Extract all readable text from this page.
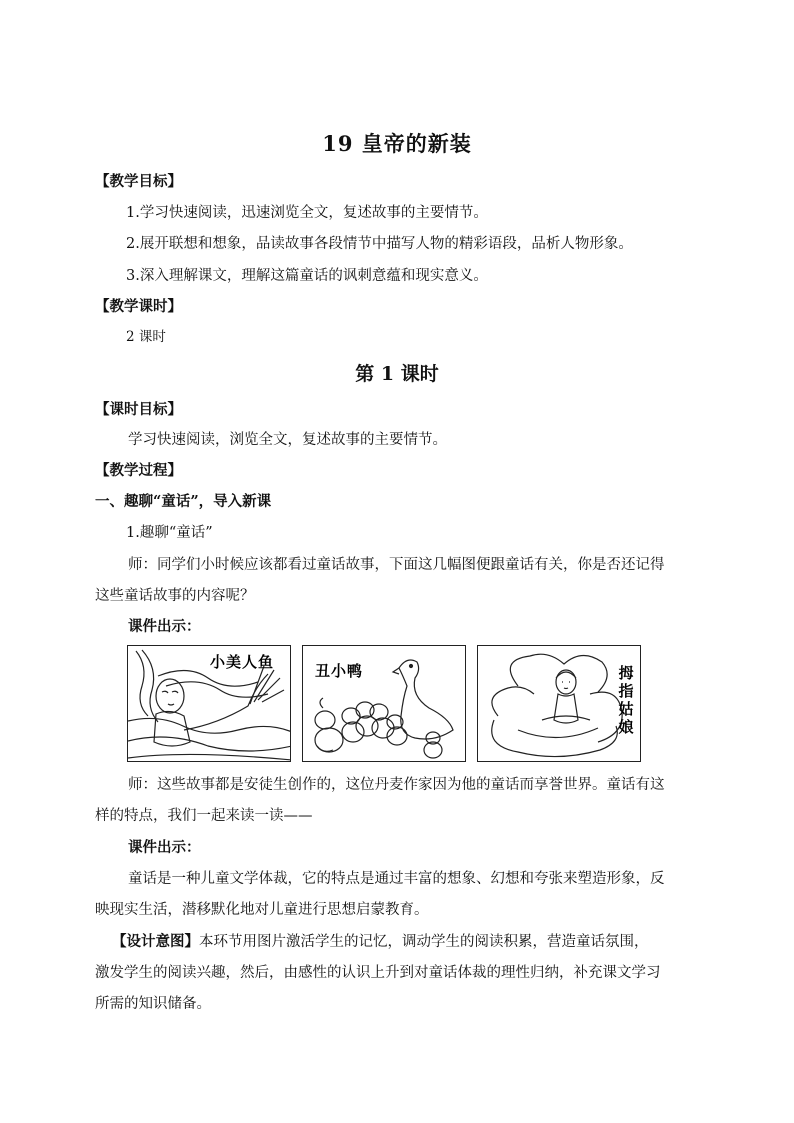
19 皇帝的新装
【教学目标】
1.学习快速阅读，迅速浏览全文，复述故事的主要情节。
2.展开联想和想象，品读故事各段情节中描写人物的精彩语段，品析人物形象。
3.深入理解课文，理解这篇童话的讽刺意蕴和现实意义。
【教学课时】
2 课时
第 1 课时
【课时目标】
学习快速阅读，浏览全文，复述故事的主要情节。
【教学过程】
一、趣聊“童话”，导入新课
1.趣聊“童话”
师：同学们小时候应该都看过童话故事，下面这几幅图便跟童话有关，你是否还记得
这些童话故事的内容呢？
课件出示：
小美人鱼	丑小鸭	拇
指
姑
娘
师：这些故事都是安徒生创作的，这位丹麦作家因为他的童话而享誉世界。童话有这
样的特点，我们一起来读一读——
课件出示：
童话是一种儿童文学体裁，它的特点是通过丰富的想象、幻想和夸张来塑造形象，反
映现实生活，潜移默化地对儿童进行思想启蒙教育。
【设计意图】本环节用图片激活学生的记忆，调动学生的阅读积累，营造童话氛围，
激发学生的阅读兴趣，然后，由感性的认识上升到对童话体裁的理性归纳，补充课文学习
所需的知识储备。
